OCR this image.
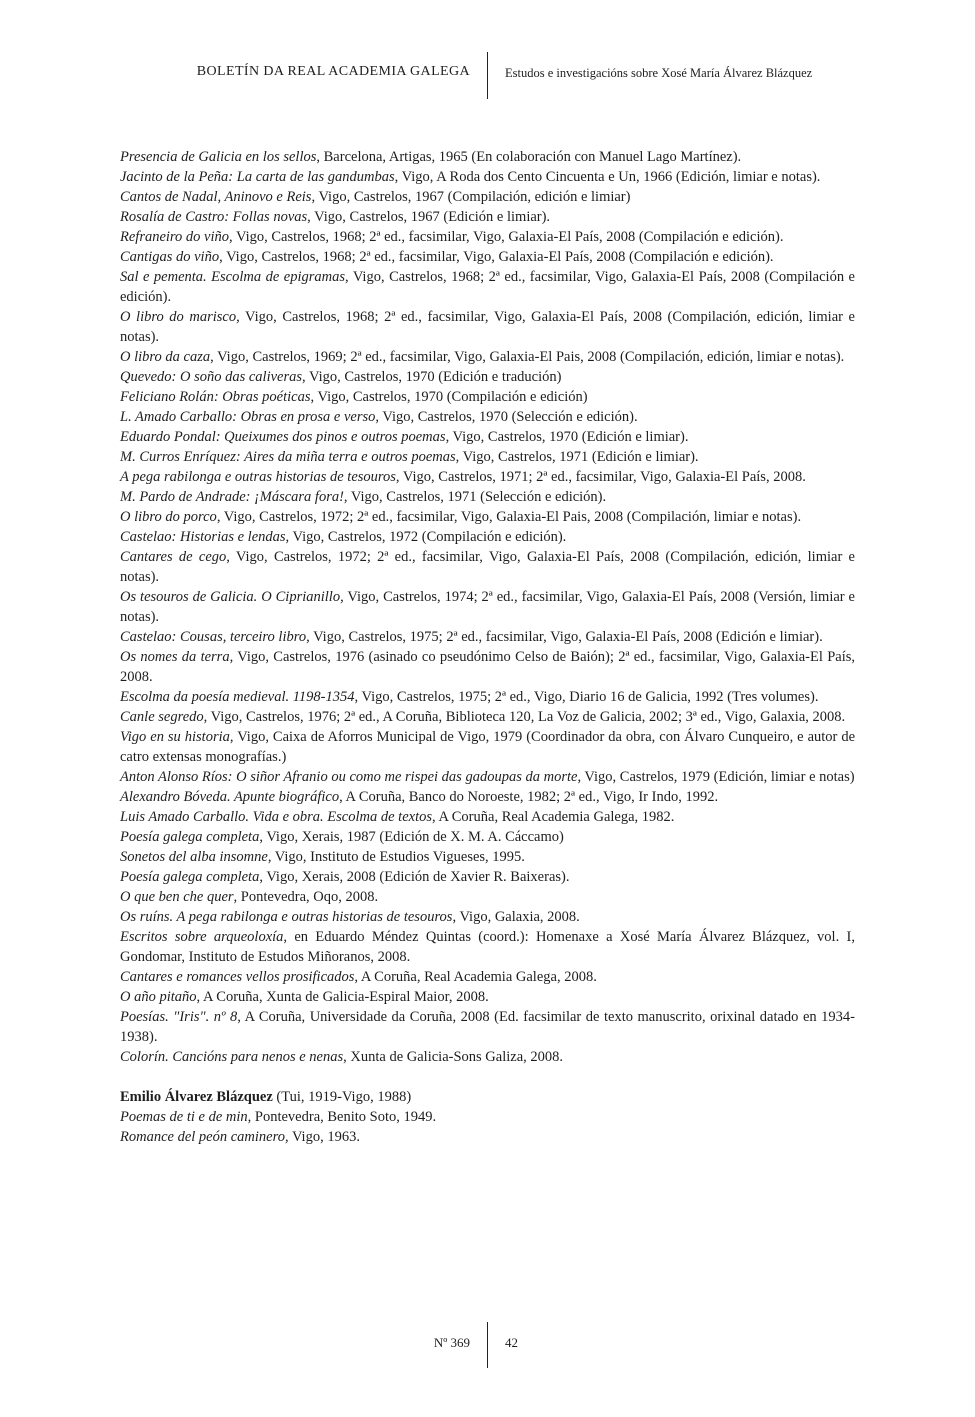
BOLETÍN DA REAL ACADEMIA GALEGA	Estudos e investigacións sobre Xosé María Álvarez Blázquez

Presencia de Galicia en los sellos, Barcelona, Artigas, 1965 (En colaboración con Manuel Lago Martínez).

Jacinto de la Peña: La carta de las gandumbas, Vigo, A Roda dos Cento Cincuenta e Un, 1966 (Edición, limiar e notas).

Cantos de Nadal, Aninovo e Reis, Vigo, Castrelos, 1967 (Compilación, edición e limiar)

Rosalía de Castro: Follas novas, Vigo, Castrelos, 1967 (Edición e limiar).

Refraneiro do viño, Vigo, Castrelos, 1968; 2ª ed., facsimilar, Vigo, Galaxia-El País, 2008 (Compilación e edición).

Cantigas do viño, Vigo, Castrelos, 1968; 2ª ed., facsimilar, Vigo, Galaxia-El País, 2008 (Compilación e edición).

Sal e pementa. Escolma de epigramas, Vigo, Castrelos, 1968; 2ª ed., facsimilar, Vigo, Galaxia-El País, 2008 (Compilación e edición).

O libro do marisco, Vigo, Castrelos, 1968; 2ª ed., facsimilar, Vigo, Galaxia-El País, 2008 (Compilación, edición, limiar e notas).

O libro da caza, Vigo, Castrelos, 1969; 2ª ed., facsimilar, Vigo, Galaxia-El Pais, 2008 (Compilación, edición, limiar e notas).

Quevedo: O soño das caliveras, Vigo, Castrelos, 1970 (Edición e tradución)

Feliciano Rolán: Obras poéticas, Vigo, Castrelos, 1970 (Compilación e edición)

L. Amado Carballo: Obras en prosa e verso, Vigo, Castrelos, 1970 (Selección e edición).

Eduardo Pondal: Queixumes dos pinos e outros poemas, Vigo, Castrelos, 1970 (Edición e limiar).

M. Curros Enríquez: Aires da miña terra e outros poemas, Vigo, Castrelos, 1971 (Edición e limiar).

A pega rabilonga e outras historias de tesouros, Vigo, Castrelos, 1971; 2ª ed., facsimilar, Vigo, Galaxia-El País, 2008.

M. Pardo de Andrade: ¡Máscara fora!, Vigo, Castrelos, 1971 (Selección e edición).

O libro do porco, Vigo, Castrelos, 1972; 2ª ed., facsimilar, Vigo, Galaxia-El Pais, 2008 (Compilación, limiar e notas).

Castelao: Historias e lendas, Vigo, Castrelos, 1972 (Compilación e edición).

Cantares de cego, Vigo, Castrelos, 1972; 2ª ed., facsimilar, Vigo, Galaxia-El País, 2008 (Compilación, edición, limiar e notas).

Os tesouros de Galicia. O Ciprianillo, Vigo, Castrelos, 1974; 2ª ed., facsimilar, Vigo, Galaxia-El País, 2008 (Versión, limiar e notas).

Castelao: Cousas, terceiro libro, Vigo, Castrelos, 1975; 2ª ed., facsimilar, Vigo, Galaxia-El País, 2008 (Edición e limiar).

Os nomes da terra, Vigo, Castrelos, 1976 (asinado co pseudónimo Celso de Baión); 2ª ed., facsimilar, Vigo, Galaxia-El País, 2008.

Escolma da poesía medieval. 1198-1354, Vigo, Castrelos, 1975; 2ª ed., Vigo, Diario 16 de Galicia, 1992 (Tres volumes).

Canle segredo, Vigo, Castrelos, 1976; 2ª ed., A Coruña, Biblioteca 120, La Voz de Galicia, 2002; 3ª ed., Vigo, Galaxia, 2008.

Vigo en su historia, Vigo, Caixa de Aforros Municipal de Vigo, 1979 (Coordinador da obra, con Álvaro Cunqueiro, e autor de catro extensas monografías.)

Anton Alonso Ríos: O siñor Afranio ou como me rispei das gadoupas da morte, Vigo, Castrelos, 1979 (Edición, limiar e notas)

Alexandro Bóveda. Apunte biográfico, A Coruña, Banco do Noroeste, 1982; 2ª ed., Vigo, Ir Indo, 1992.

Luis Amado Carballo. Vida e obra. Escolma de textos, A Coruña, Real Academia Galega, 1982.

Poesía galega completa, Vigo, Xerais, 1987 (Edición de X. M. A. Cáccamo)

Sonetos del alba insomne, Vigo, Instituto de Estudios Vigueses, 1995.

Poesía galega completa, Vigo, Xerais, 2008 (Edición de Xavier R. Baixeras).

O que ben che quer, Pontevedra, Oqo, 2008.

Os ruíns. A pega rabilonga e outras historias de tesouros, Vigo, Galaxia, 2008.

Escritos sobre arqueoloxía, en Eduardo Méndez Quintas (coord.): Homenaxe a Xosé María Álvarez Blázquez, vol. I, Gondomar, Instituto de Estudos Miñoranos, 2008.

Cantares e romances vellos prosificados, A Coruña, Real Academia Galega, 2008.

O año pitaño, A Coruña, Xunta de Galicia-Espiral Maior, 2008.

Poesías. "Iris". nº 8, A Coruña, Universidade da Coruña, 2008 (Ed. facsimilar de texto manuscrito, orixinal datado en 1934-1938).

Colorín. Cancións para nenos e nenas, Xunta de Galicia-Sons Galiza, 2008.

Emilio Álvarez Blázquez (Tui, 1919-Vigo, 1988)

Poemas de ti e de min, Pontevedra, Benito Soto, 1949.

Romance del peón caminero, Vigo, 1963.

Nº 369	42
